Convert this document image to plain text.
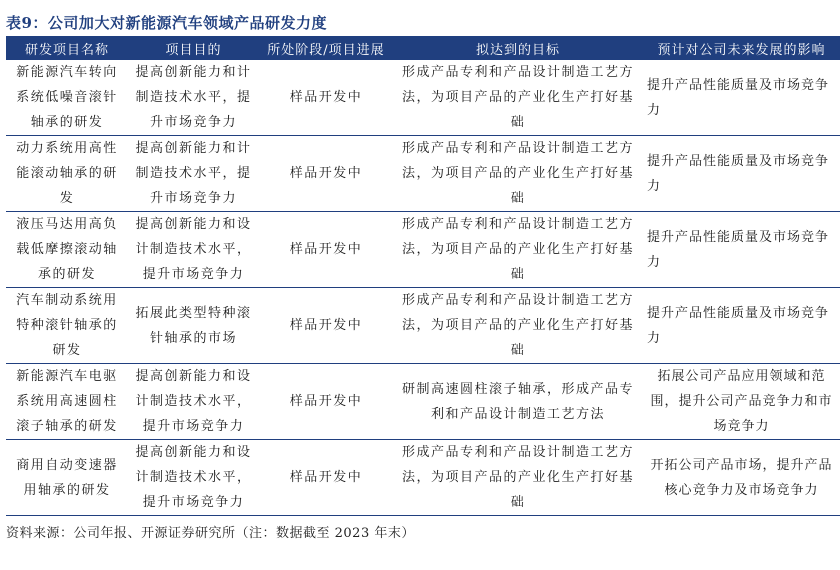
表9：公司加大对新能源汽车领域产品研发力度
研发项目名称	项目目的	所处阶段/项目进展	拟达到的目标	预计对公司未来发展的影响
新能源汽车转向系统低噪音滚针轴承的研发	提高创新能力和计制造技术水平，提升市场竞争力	样品开发中	形成产品专利和产品设计制造工艺方法，为项目产品的产业化生产打好基础	提升产品性能质量及市场竞争力
动力系统用高性能滚动轴承的研发	提高创新能力和计制造技术水平，提升市场竞争力	样品开发中	形成产品专利和产品设计制造工艺方法，为项目产品的产业化生产打好基础	提升产品性能质量及市场竞争力
液压马达用高负载低摩擦滚动轴承的研发	提高创新能力和设计制造技术水平，提升市场竞争力	样品开发中	形成产品专利和产品设计制造工艺方法，为项目产品的产业化生产打好基础	提升产品性能质量及市场竞争力
汽车制动系统用特种滚针轴承的研发	拓展此类型特种滚针轴承的市场	样品开发中	形成产品专利和产品设计制造工艺方法，为项目产品的产业化生产打好基础	提升产品性能质量及市场竞争力
新能源汽车电驱系统用高速圆柱滚子轴承的研发	提高创新能力和设计制造技术水平，提升市场竞争力	样品开发中	研制高速圆柱滚子轴承，形成产品专利和产品设计制造工艺方法	拓展公司产品应用领域和范围，提升公司产品竞争力和市场竞争力
商用自动变速器用轴承的研发	提高创新能力和设计制造技术水平，提升市场竞争力	样品开发中	形成产品专利和产品设计制造工艺方法，为项目产品的产业化生产打好基础	开拓公司产品市场，提升产品核心竞争力及市场竞争力
资料来源：公司年报、开源证券研究所（注：数据截至 2023 年末）
